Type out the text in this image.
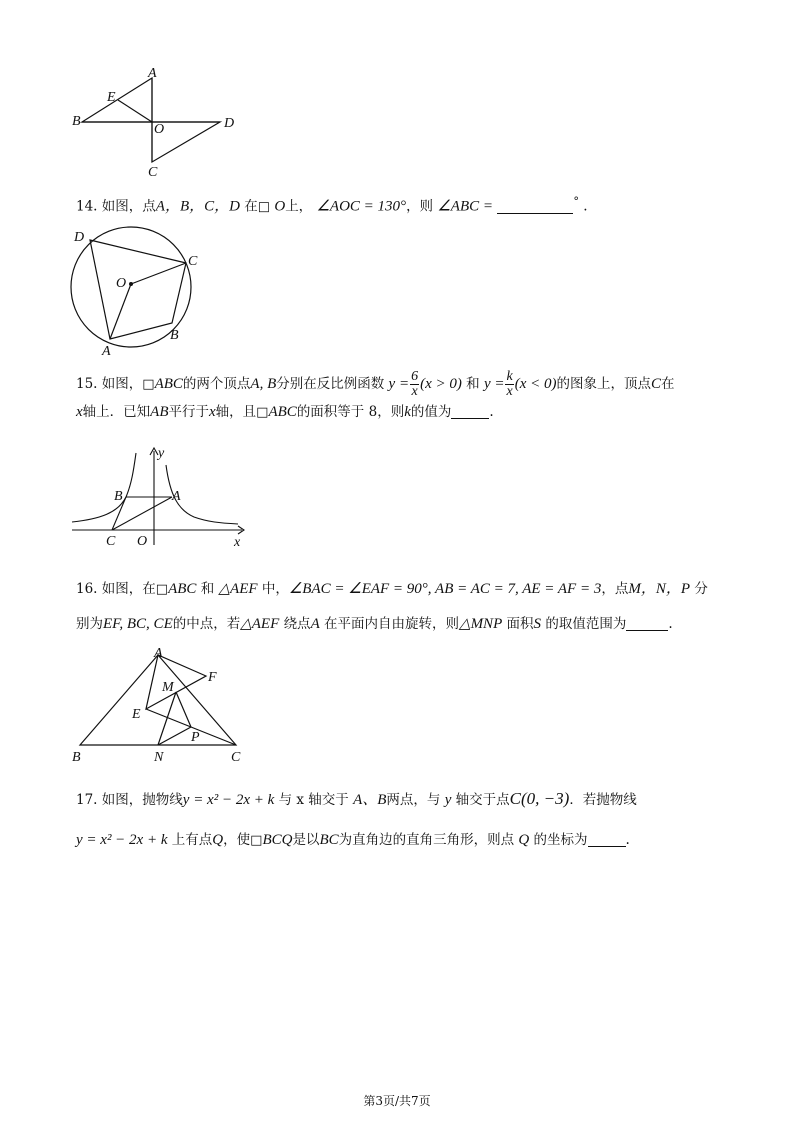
A
B
C
D
E
O
14. 如图，点A，B，C，D 在□ O上， ∠AOC = 130°，则 ∠ABC =	° .
D
C
B
A
O
15. 如图，□ABC的两个顶点A, B分别在反比例函数 $y = \frac{6}{x} (x > 0)$ 和 $y = \frac{k}{x} (x < 0)$的图象上，顶点C在
x轴上．已知AB平行于x轴，且□ABC的面积等于 8，则k的值为	.
y
x
B	A
C O
16. 如图，在□ABC 和 △AEF 中，∠BAC = ∠EAF = 90°, AB = AC = 7, AE = AF = 3，点M，N，P 分
别为EF, BC, CE的中点，若△AEF 绕点A 在平面内自由旋转，则△MNP 面积S 的取值范围为	.
A
F
M
E
P
B	N	C
17. 如图，抛物线y = x² − 2x + k 与 x 轴交于 A、B两点，与 y 轴交于点C(0, −3)．若抛物线
y = x² − 2x + k 上有点Q，使□BCQ是以BC为直角边的直角三角形，则点 Q 的坐标为	.
第3页/共7页
